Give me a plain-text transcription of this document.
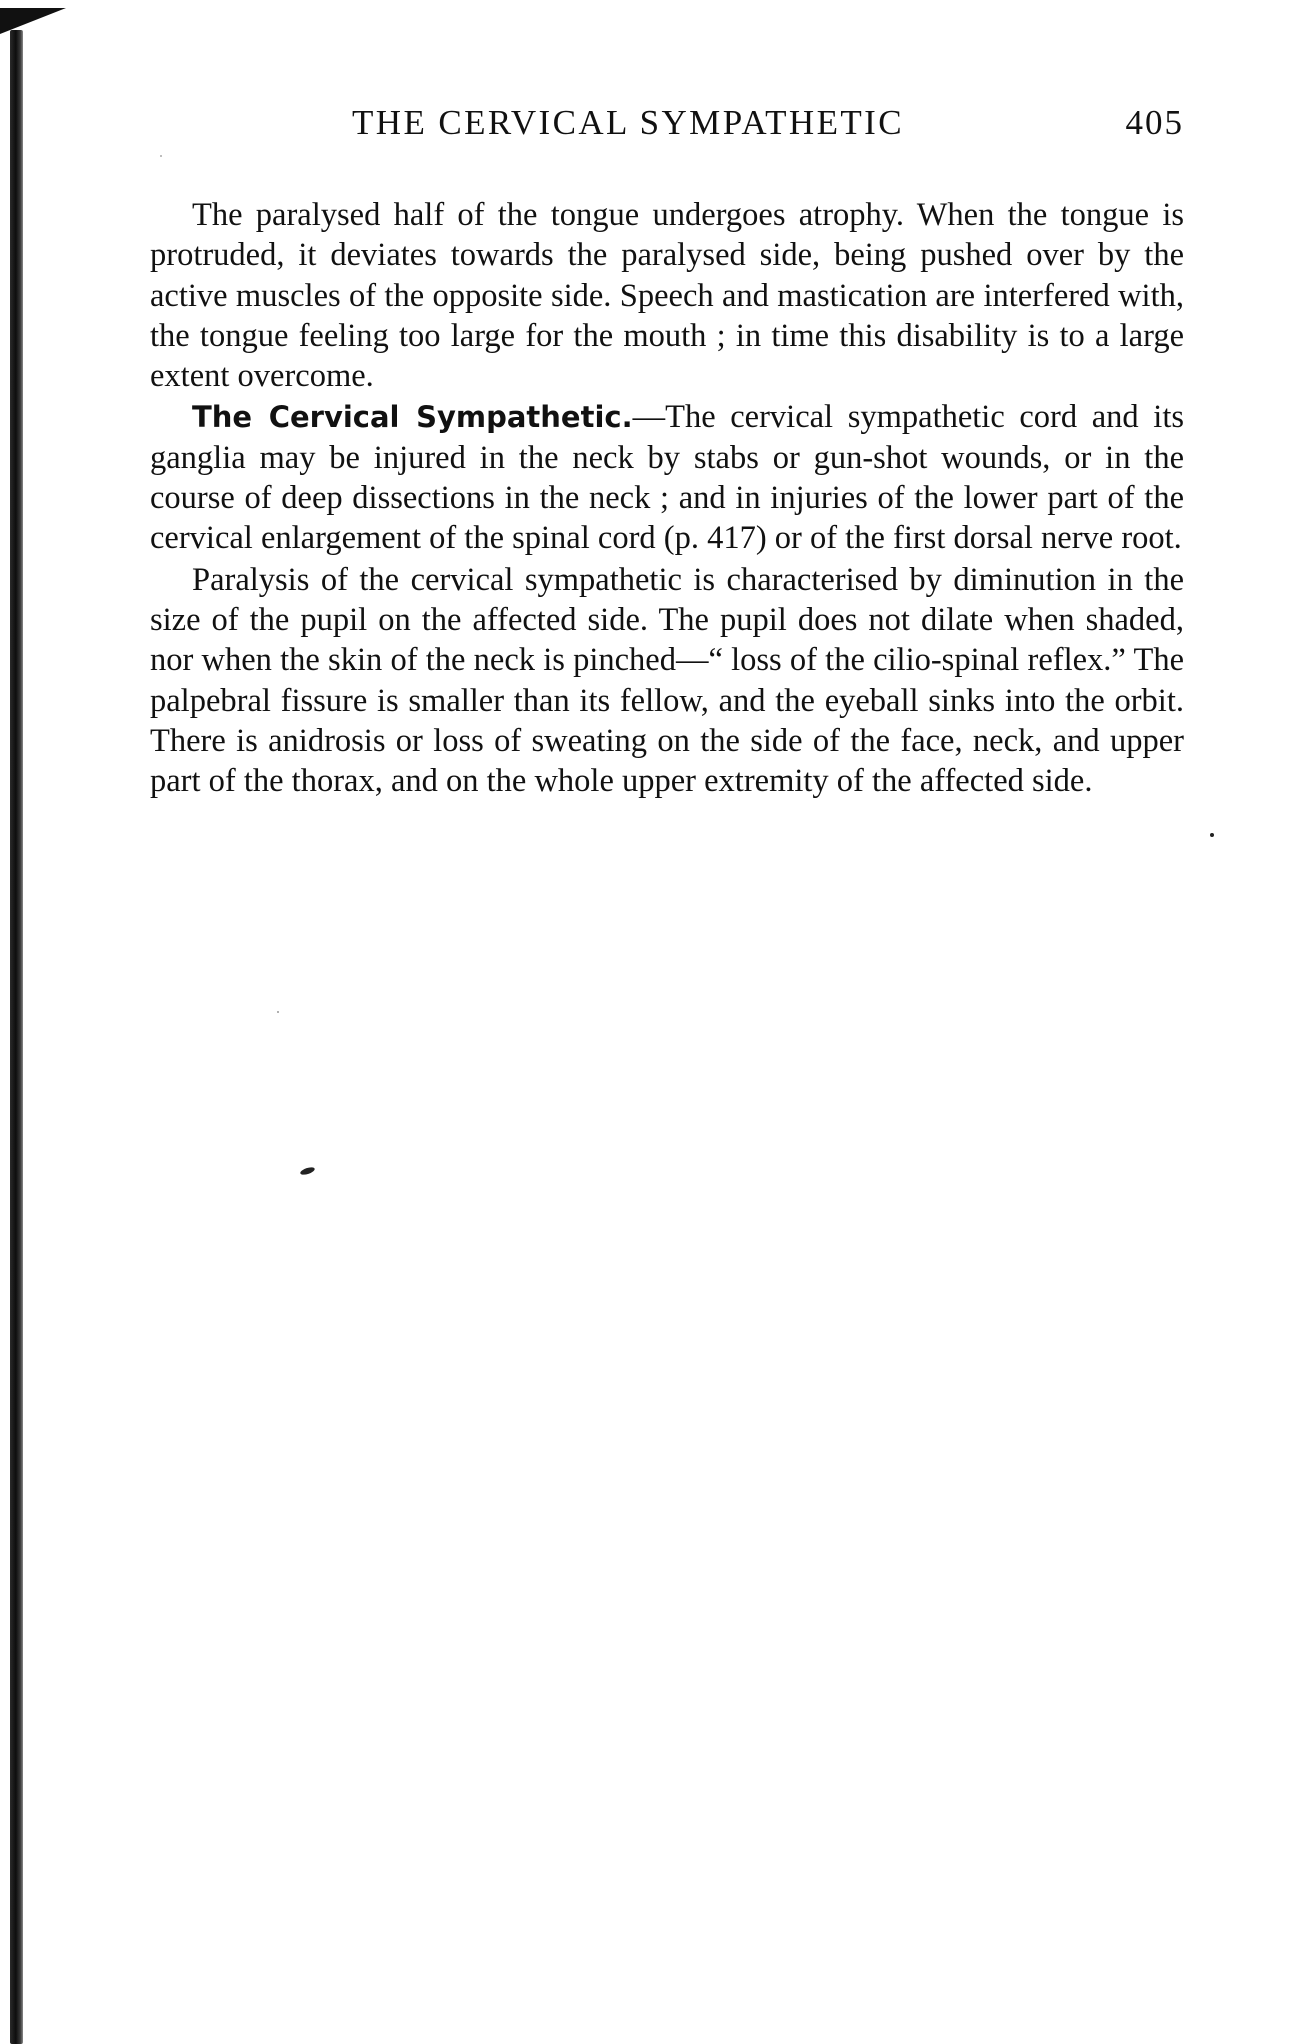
THE CERVICAL SYMPATHETIC	405

The paralysed half of the tongue undergoes atrophy. When the tongue is protruded, it deviates towards the paralysed side, being pushed over by the active muscles of the opposite side. Speech and mastication are interfered with, the tongue feeling too large for the mouth ; in time this disability is to a large extent overcome.

The Cervical Sympathetic.—The cervical sympathetic cord and its ganglia may be injured in the neck by stabs or gun-shot wounds, or in the course of deep dissections in the neck ; and in injuries of the lower part of the cervical enlargement of the spinal cord (p. 417) or of the first dorsal nerve root.

Paralysis of the cervical sympathetic is characterised by diminution in the size of the pupil on the affected side. The pupil does not dilate when shaded, nor when the skin of the neck is pinched—“ loss of the cilio-spinal reflex.” The palpebral fissure is smaller than its fellow, and the eyeball sinks into the orbit. There is anidrosis or loss of sweating on the side of the face, neck, and upper part of the thorax, and on the whole upper extremity of the affected side.
